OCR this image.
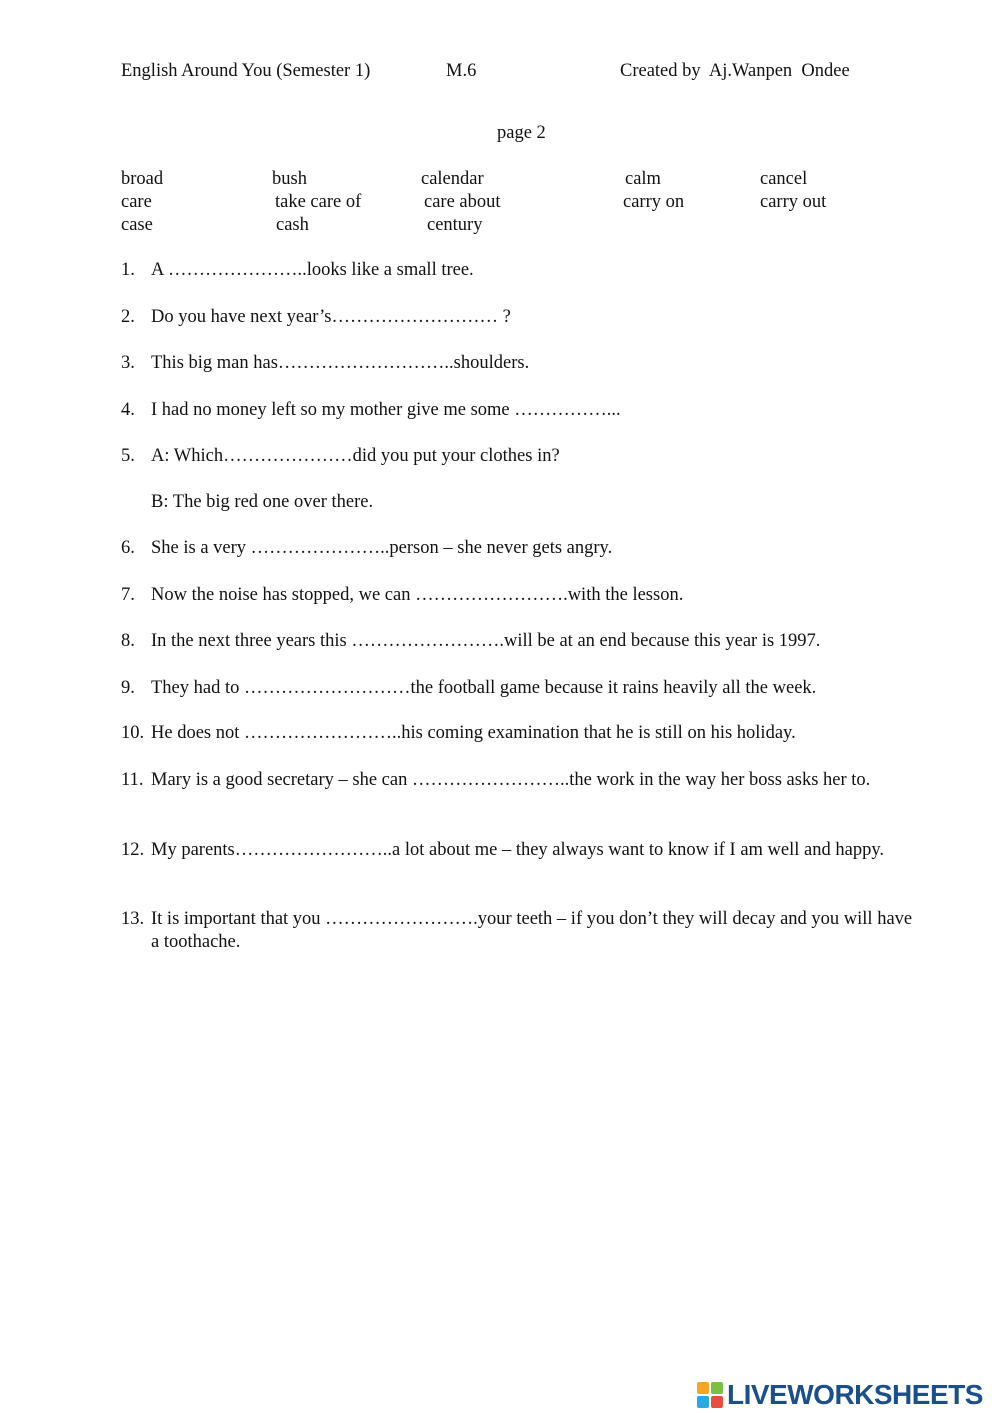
English Around You (Semester 1)	M.6	Created by  Aj.Wanpen  Ondee
page 2
broad	bush	calendar	calm	cancel
care	take care of	care about	carry on	carry out
case	cash	century
1. A …………………..looks like a small tree.
2. Do you have next year’s……………………… ?
3. This big man has………………………..shoulders.
4. I had no money left so my mother give me some ……………...
5. A: Which…………………did you put your clothes in?
B: The big red one over there.
6. She is a very …………………..person – she never gets angry.
7. Now the noise has stopped, we can …………………….with the lesson.
8. In the next three years this …………………….will be at an end because this year is 1997.
9. They had to ………………………the football game because it rains heavily all the week.
10. He does not ……………………..his coming examination that he is still on his holiday.
11. Mary is a good secretary – she can ……………………..the work in the way her boss asks her to.
12. My parents……………………..a lot about me – they always want to know if I am well and happy.
13. It is important that you …………………….your teeth – if you don’t they will decay and you will have a toothache.
LIVEWORKSHEETS
